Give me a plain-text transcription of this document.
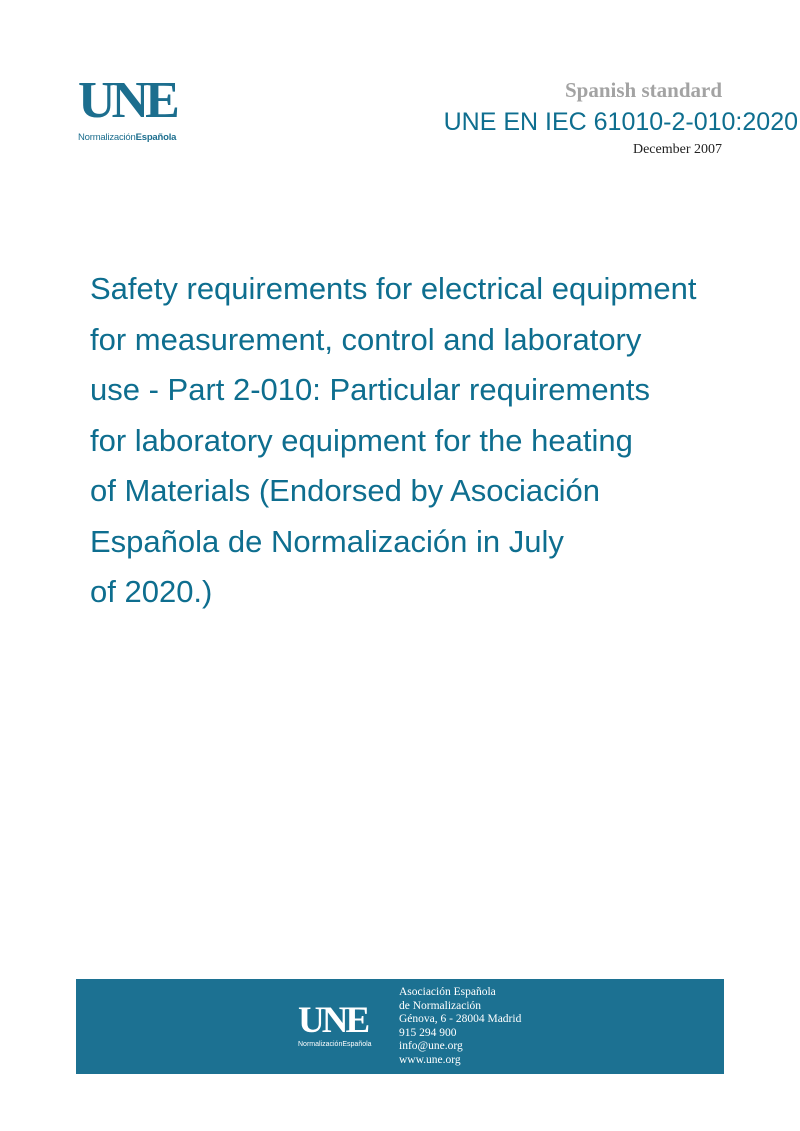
UNE
NormalizaciónEspañola
Spanish standard
UNE EN IEC 61010-2-010:2020
December 2007
Safety requirements for electrical equipment
for measurement, control and laboratory
use - Part 2-010: Particular requirements
for laboratory equipment for the heating
of Materials (Endorsed by Asociación
Española de Normalización in July
of 2020.)
UNE
NormalizaciónEspañola
Asociación Española
de Normalización
Génova, 6 - 28004 Madrid
915 294 900
info@une.org
www.une.org
